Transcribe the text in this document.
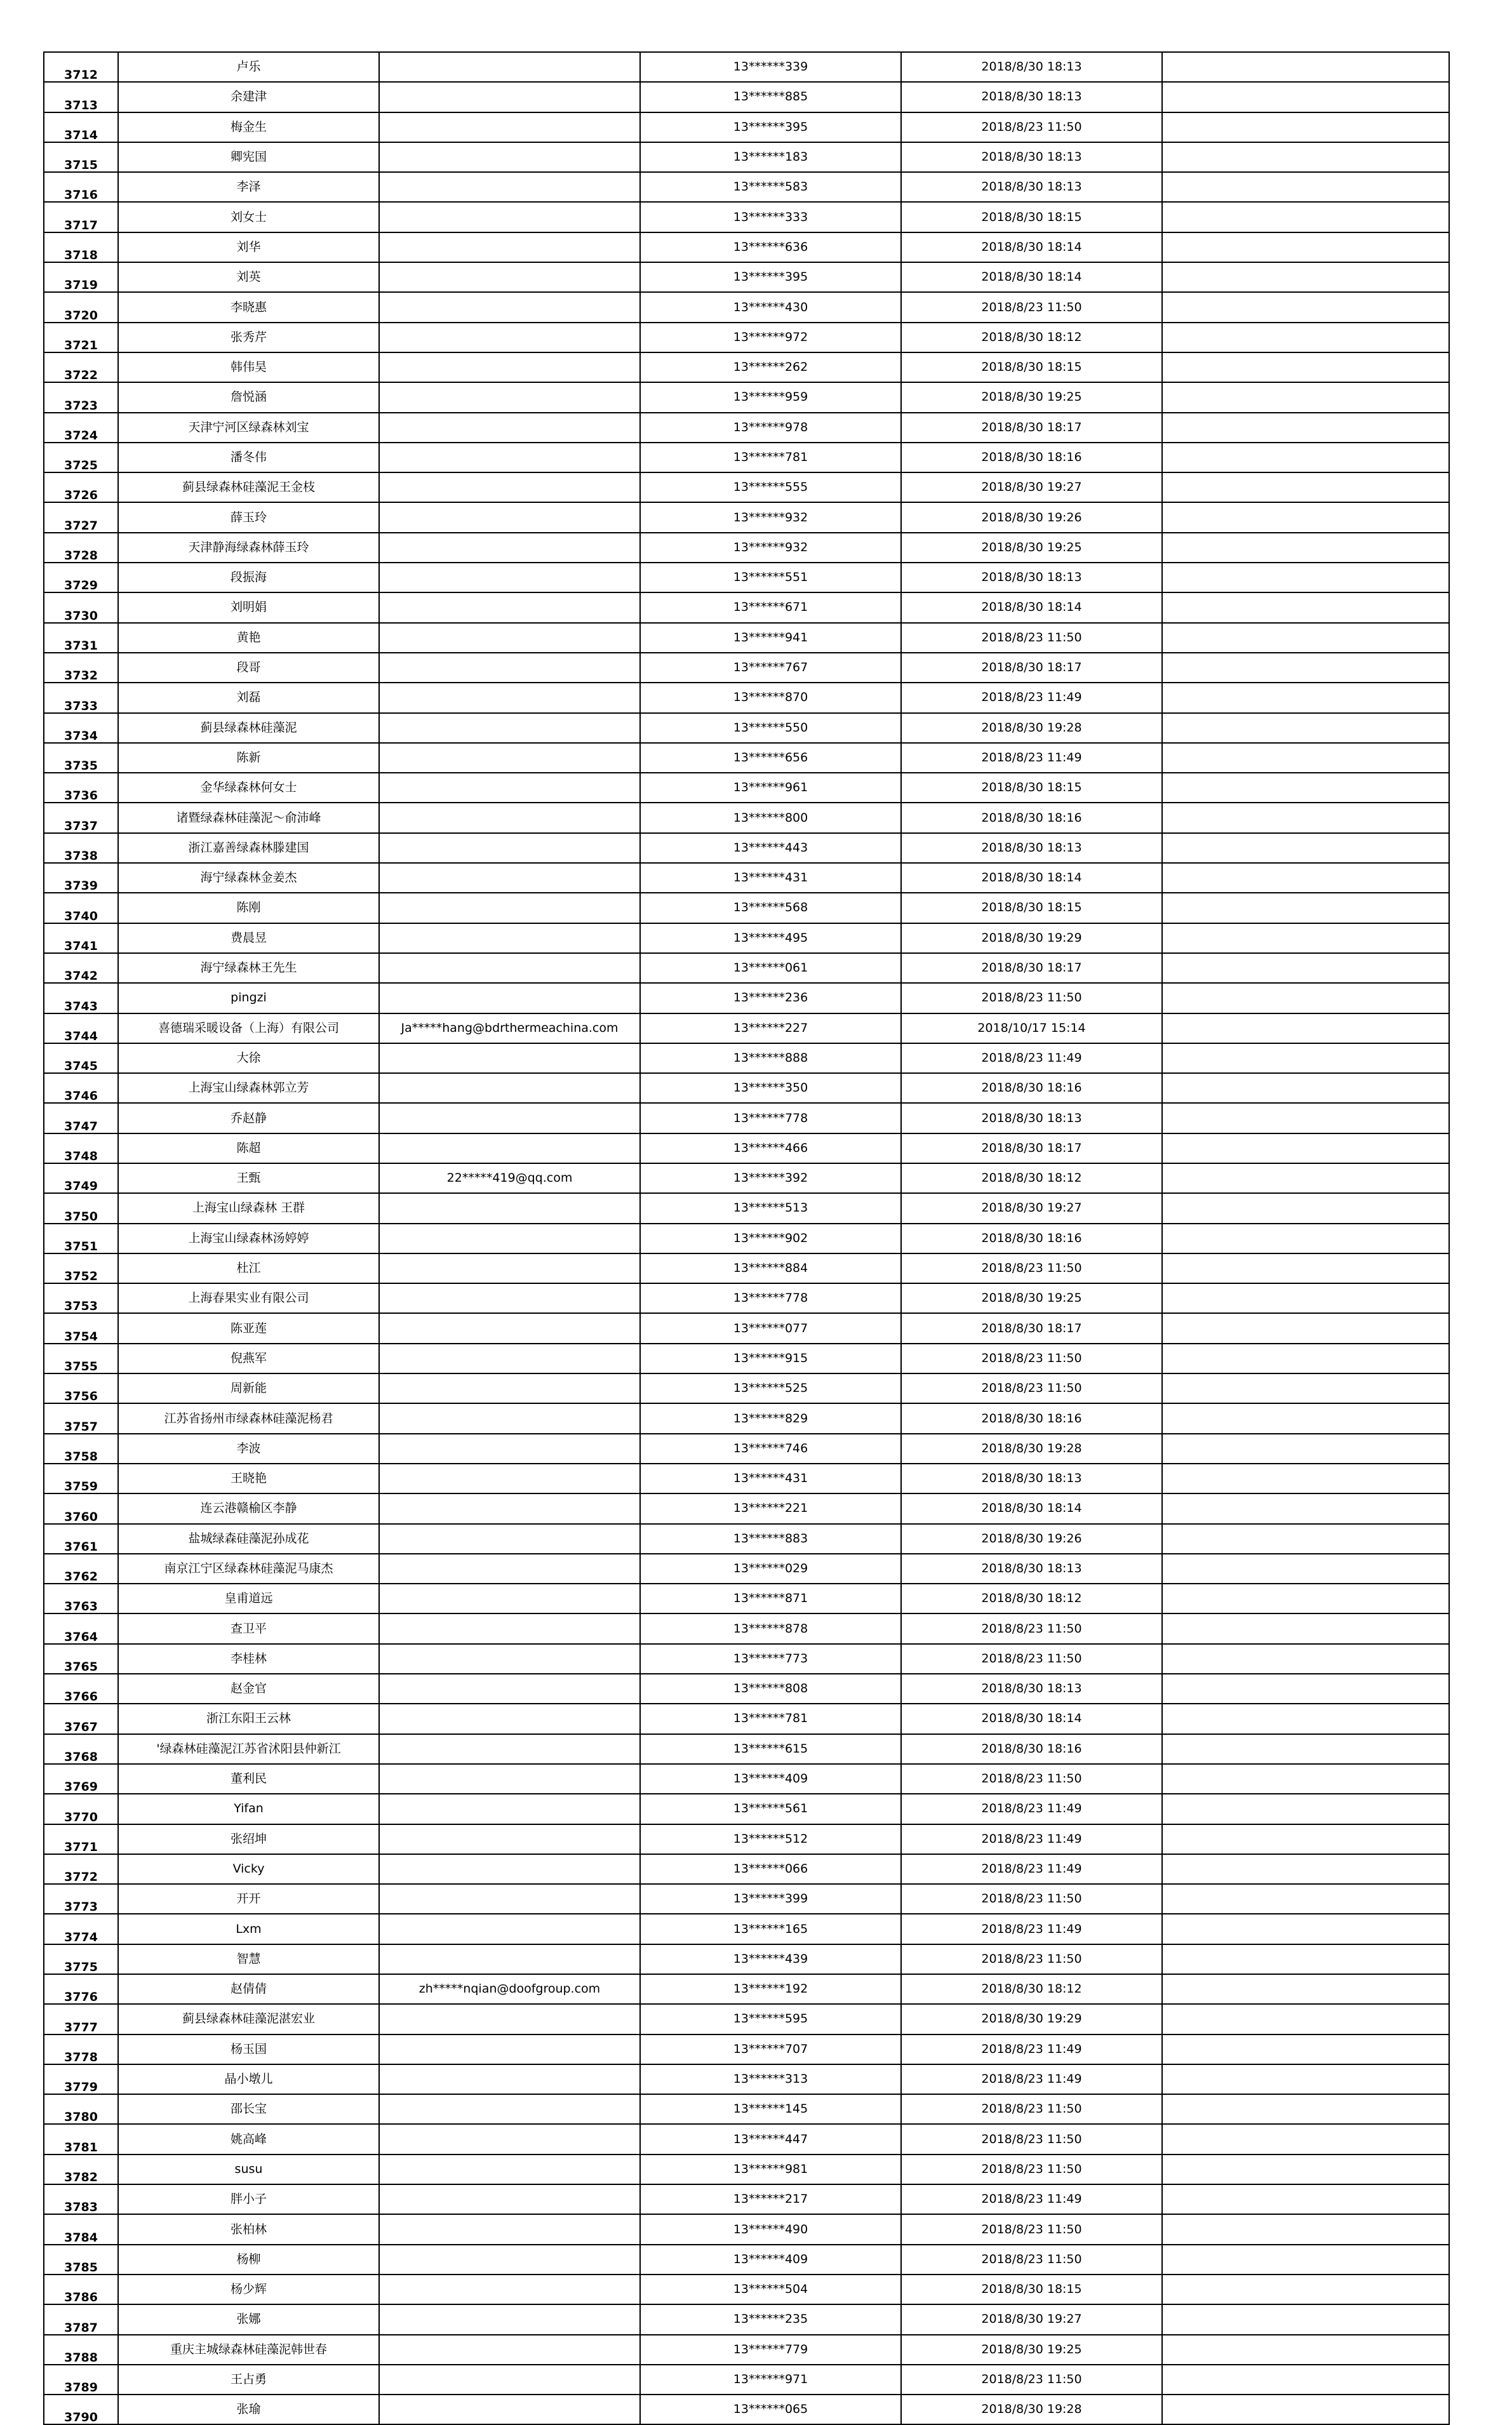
3712	卢乐		13******339	2018/8/30 18:13	
3713	余建津		13******885	2018/8/30 18:13	
3714	梅金生		13******395	2018/8/23 11:50	
3715	卿宪国		13******183	2018/8/30 18:13	
3716	李泽		13******583	2018/8/30 18:13	
3717	刘女士		13******333	2018/8/30 18:15	
3718	刘华		13******636	2018/8/30 18:14	
3719	刘英		13******395	2018/8/30 18:14	
3720	李晓惠		13******430	2018/8/23 11:50	
3721	张秀芹		13******972	2018/8/30 18:12	
3722	韩伟昊		13******262	2018/8/30 18:15	
3723	詹悦涵		13******959	2018/8/30 19:25	
3724	天津宁河区绿森林刘宝		13******978	2018/8/30 18:17	
3725	潘冬伟		13******781	2018/8/30 18:16	
3726	蓟县绿森林硅藻泥王金枝		13******555	2018/8/30 19:27	
3727	薛玉玲		13******932	2018/8/30 19:26	
3728	天津静海绿森林薛玉玲		13******932	2018/8/30 19:25	
3729	段振海		13******551	2018/8/30 18:13	
3730	刘明娟		13******671	2018/8/30 18:14	
3731	黄艳		13******941	2018/8/23 11:50	
3732	段哥		13******767	2018/8/30 18:17	
3733	刘磊		13******870	2018/8/23 11:49	
3734	蓟县绿森林硅藻泥		13******550	2018/8/30 19:28	
3735	陈新		13******656	2018/8/23 11:49	
3736	金华绿森林何女士		13******961	2018/8/30 18:15	
3737	诸暨绿森林硅藻泥～俞沛峰		13******800	2018/8/30 18:16	
3738	浙江嘉善绿森林滕建国		13******443	2018/8/30 18:13	
3739	海宁绿森林金姜杰		13******431	2018/8/30 18:14	
3740	陈刚		13******568	2018/8/30 18:15	
3741	费晨昱		13******495	2018/8/30 19:29	
3742	海宁绿森林王先生		13******061	2018/8/30 18:17	
3743	pingzi		13******236	2018/8/23 11:50	
3744	喜德瑞采暖设备（上海）有限公司	Ja*****hang@bdrthermeachina.com	13******227	2018/10/17 15:14	
3745	大徐		13******888	2018/8/23 11:49	
3746	上海宝山绿森林郭立芳		13******350	2018/8/30 18:16	
3747	乔赵静		13******778	2018/8/30 18:13	
3748	陈超		13******466	2018/8/30 18:17	
3749	王甄	22*****419@qq.com	13******392	2018/8/30 18:12	
3750	上海宝山绿森林 王群		13******513	2018/8/30 19:27	
3751	上海宝山绿森林汤婷婷		13******902	2018/8/30 18:16	
3752	杜江		13******884	2018/8/23 11:50	
3753	上海春果实业有限公司		13******778	2018/8/30 19:25	
3754	陈亚莲		13******077	2018/8/30 18:17	
3755	倪燕军		13******915	2018/8/23 11:50	
3756	周新能		13******525	2018/8/23 11:50	
3757	江苏省扬州市绿森林硅藻泥杨君		13******829	2018/8/30 18:16	
3758	李波		13******746	2018/8/30 19:28	
3759	王晓艳		13******431	2018/8/30 18:13	
3760	连云港赣榆区李静		13******221	2018/8/30 18:14	
3761	盐城绿森硅藻泥孙成花		13******883	2018/8/30 19:26	
3762	南京江宁区绿森林硅藻泥马康杰		13******029	2018/8/30 18:13	
3763	皇甫道远		13******871	2018/8/30 18:12	
3764	查卫平		13******878	2018/8/23 11:50	
3765	李桂林		13******773	2018/8/23 11:50	
3766	赵金官		13******808	2018/8/30 18:13	
3767	浙江东阳王云林		13******781	2018/8/30 18:14	
3768	'绿森林硅藻泥江苏省沭阳县仲新江		13******615	2018/8/30 18:16	
3769	董利民		13******409	2018/8/23 11:50	
3770	Yifan		13******561	2018/8/23 11:49	
3771	张绍坤		13******512	2018/8/23 11:49	
3772	Vicky		13******066	2018/8/23 11:49	
3773	开开		13******399	2018/8/23 11:50	
3774	Lxm		13******165	2018/8/23 11:49	
3775	智慧		13******439	2018/8/23 11:50	
3776	赵倩倩	zh*****nqian@doofgroup.com	13******192	2018/8/30 18:12	
3777	蓟县绿森林硅藻泥湛宏业		13******595	2018/8/30 19:29	
3778	杨玉国		13******707	2018/8/23 11:49	
3779	晶小墩儿		13******313	2018/8/23 11:49	
3780	邵长宝		13******145	2018/8/23 11:50	
3781	姚高峰		13******447	2018/8/23 11:50	
3782	susu		13******981	2018/8/23 11:50	
3783	胖小子		13******217	2018/8/23 11:49	
3784	张柏林		13******490	2018/8/23 11:50	
3785	杨柳		13******409	2018/8/23 11:50	
3786	杨少辉		13******504	2018/8/30 18:15	
3787	张娜		13******235	2018/8/30 19:27	
3788	重庆主城绿森林硅藻泥韩世春		13******779	2018/8/30 19:25	
3789	王占勇		13******971	2018/8/23 11:50	
3790	张瑜		13******065	2018/8/30 19:28	
